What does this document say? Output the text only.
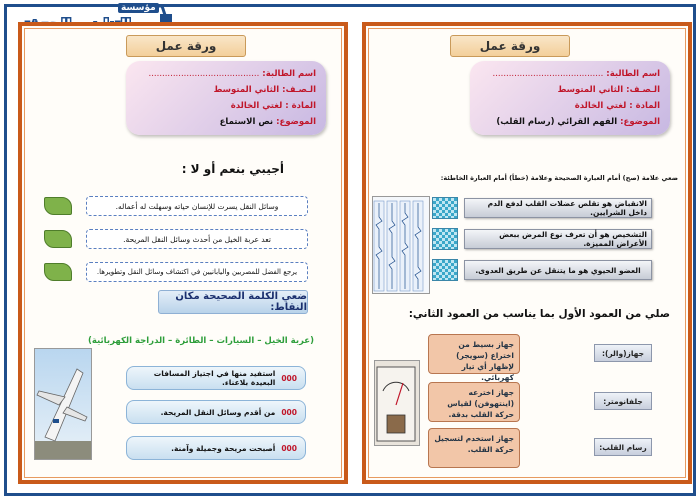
مؤسسة
ورقة عمل
اسم الطالبة:
.........................................
الـصـف:
الثاني المتوسط
المادة :
لغتي الخالدة
الموضوع:
نص الاستماع
أجيبي بنعم أو لا :
وسائل النقل يسرت للإنسان حياته وسهلت له أعماله.
تعد عربة الخيل من أحدث وسائل النقل المريحة.
يرجع الفضل للمصريين واليابانيين في اكتشاف وسائل النقل وتطويرها.
ضعي الكلمة الصحيحة مكان النقاط:
(عربة الخيل – السيارات – الطائرة – الدراجة الكهربائية)
000
استفيد منها في اجتياز المسافات البعيدة بلاعناء.
000
من أقدم وسائل النقل المريحة.
000
أصبحت مريحة وجميلة وآمنة.
ورقة عمل
اسم الطالبة:
.........................................
الـصـف:
الثاني المتوسط
المادة :
لغتي الخالدة
الموضوع:
الفهم القرائي (رسام القلب)
ضعي علامة (صح) أمام العبارة الصحيحة وعلامة (خطأ) أمام العبارة الخاطئة:
الانقباض هو تقلص عضلات القلب لدفع الدم داخل الشرايين.
التشخيص هو أن تعرف نوع المرض ببعض الأعراض المميزة.
العضو الحيوي هو ما يتنقل عن طريق العدوى.
صلي من العمود الأول بما يناسب من العمود الثاني:
جهاز(والر):
جلفانومتر:
رسام القلب:
جهاز بسيط من اختراع (سويجر) لإظهار أي تيار كهربائي.
جهاز اخترعه (اينتهوفن) لقياس حركة القلب بدقة.
جهاز استخدم لتسجيل حركة القلب.
